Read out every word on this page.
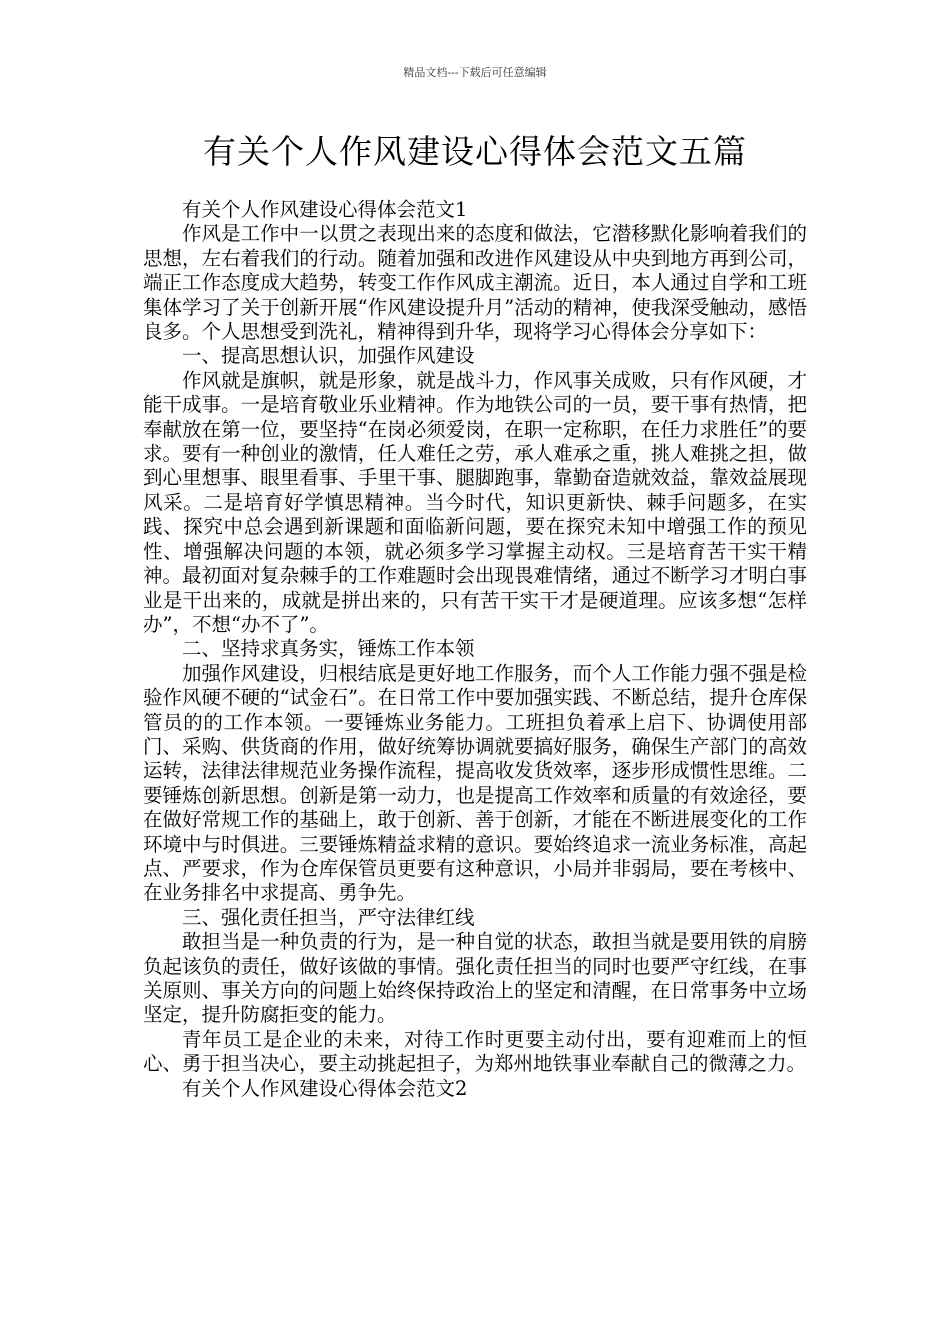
精品文档---下载后可任意编辑
有关个人作风建设心得体会范文五篇

有关个人作风建设心得体会范文1

作风是工作中一以贯之表现出来的态度和做法，它潜移默化影响着我们的思想，左右着我们的行动。随着加强和改进作风建设从中央到地方再到公司，端正工作态度成大趋势，转变工作作风成主潮流。近日，本人通过自学和工班集体学习了关于创新开展“作风建设提升月”活动的精神，使我深受触动，感悟良多。个人思想受到洗礼，精神得到升华，现将学习心得体会分享如下：

一、提高思想认识，加强作风建设

作风就是旗帜，就是形象，就是战斗力，作风事关成败，只有作风硬，才能干成事。一是培育敬业乐业精神。作为地铁公司的一员，要干事有热情，把奉献放在第一位，要坚持“在岗必须爱岗，在职一定称职，在任力求胜任”的要求。要有一种创业的激情，任人难任之劳，承人难承之重，挑人难挑之担，做到心里想事、眼里看事、手里干事、腿脚跑事，靠勤奋造就效益，靠效益展现风采。二是培育好学慎思精神。当今时代，知识更新快、棘手问题多，在实践、探究中总会遇到新课题和面临新问题，要在探究未知中增强工作的预见性、增强解决问题的本领，就必须多学习掌握主动权。三是培育苦干实干精神。最初面对复杂棘手的工作难题时会出现畏难情绪，通过不断学习才明白事业是干出来的，成就是拼出来的，只有苦干实干才是硬道理。应该多想“怎样办”，不想“办不了”。

二、坚持求真务实，锤炼工作本领

加强作风建设，归根结底是更好地工作服务，而个人工作能力强不强是检验作风硬不硬的“试金石”。在日常工作中要加强实践、不断总结，提升仓库保管员的的工作本领。一要锤炼业务能力。工班担负着承上启下、协调使用部门、采购、供货商的作用，做好统筹协调就要搞好服务，确保生产部门的高效运转，法律法律规范业务操作流程，提高收发货效率，逐步形成惯性思维。二要锤炼创新思想。创新是第一动力，也是提高工作效率和质量的有效途径，要在做好常规工作的基础上，敢于创新、善于创新，才能在不断进展变化的工作环境中与时俱进。三要锤炼精益求精的意识。要始终追求一流业务标准，高起点、严要求，作为仓库保管员更要有这种意识，小局并非弱局，要在考核中、在业务排名中求提高、勇争先。

三、强化责任担当，严守法律红线

敢担当是一种负责的行为，是一种自觉的状态，敢担当就是要用铁的肩膀负起该负的责任，做好该做的事情。强化责任担当的同时也要严守红线，在事关原则、事关方向的问题上始终保持政治上的坚定和清醒，在日常事务中立场坚定，提升防腐拒变的能力。

青年员工是企业的未来，对待工作时更要主动付出，要有迎难而上的恒心、勇于担当决心，要主动挑起担子，为郑州地铁事业奉献自己的微薄之力。

有关个人作风建设心得体会范文2
